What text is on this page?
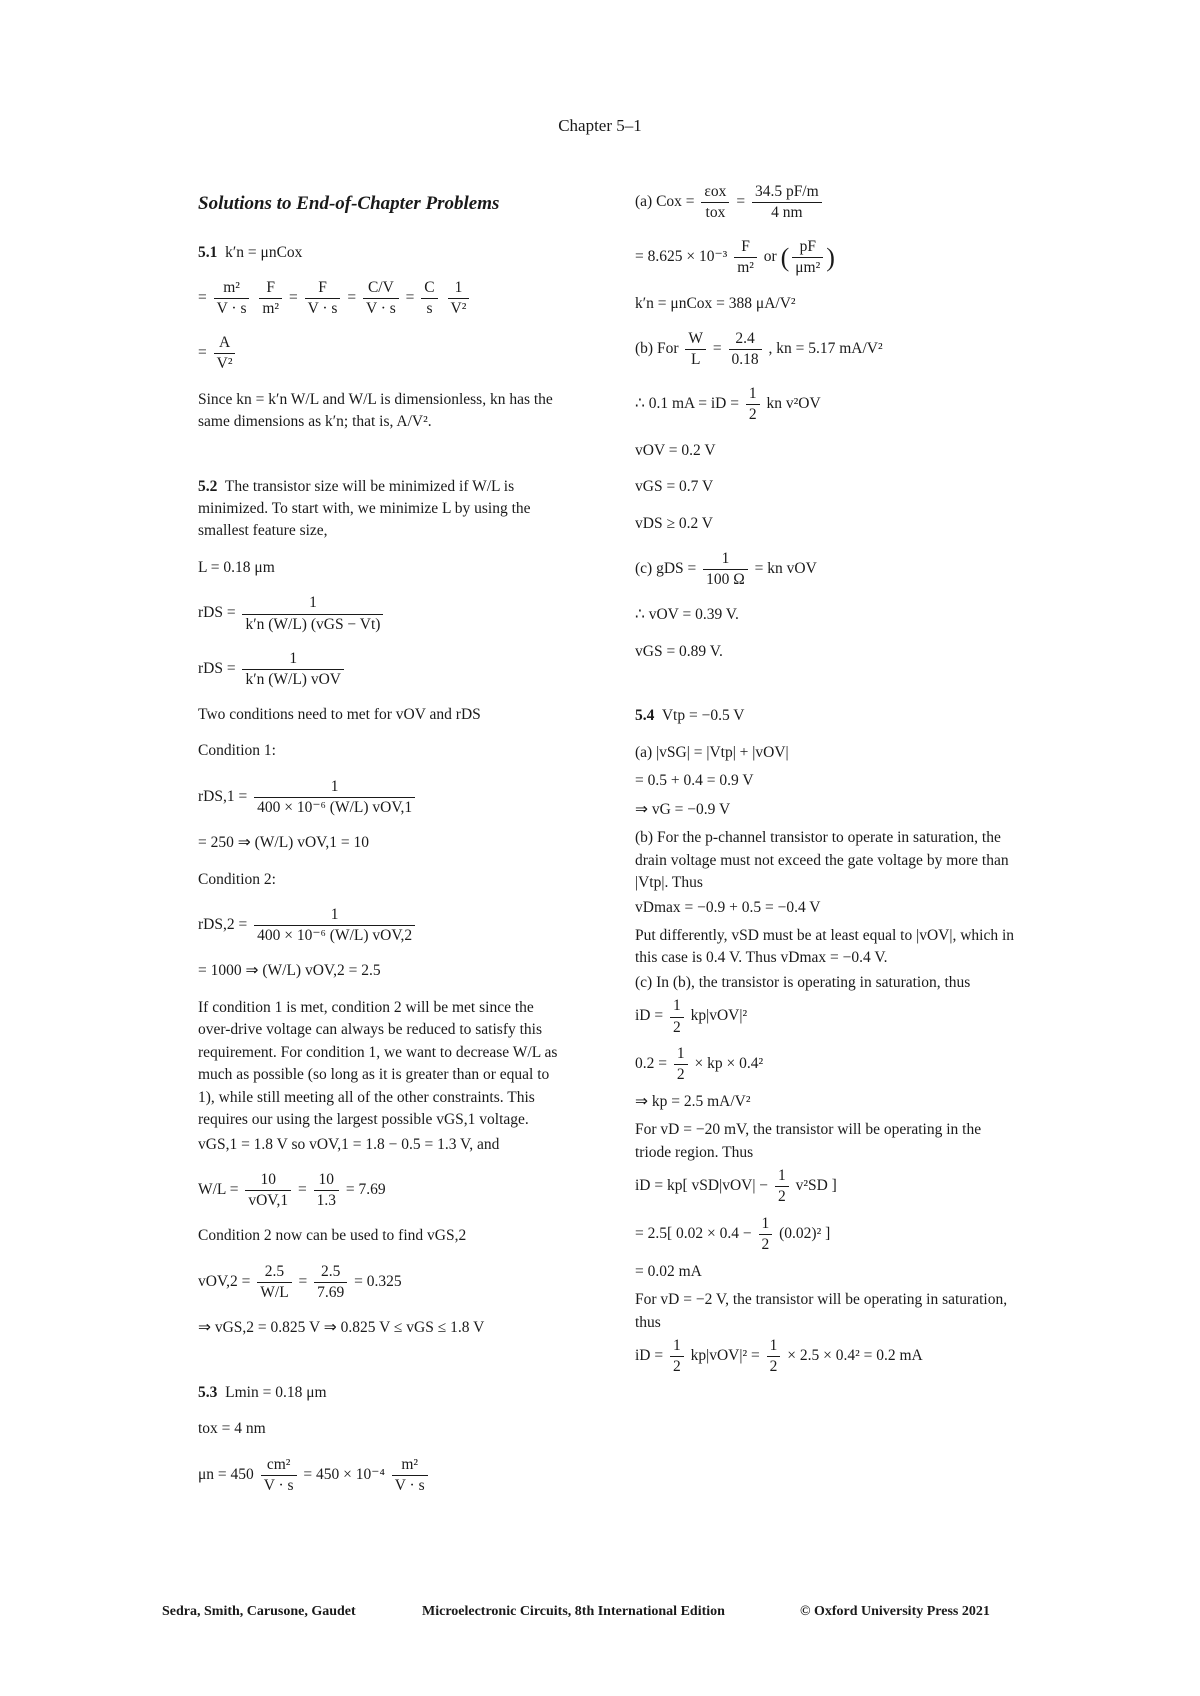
Chapter 5–1
Solutions to End-of-Chapter Problems
5.1 k′n = μnCox
= $\frac{\text{m²}}{V \cdot s}$
$\frac{F}{\text{m²}} = \frac{F}{V \cdot s} = \frac{C/V}{V \cdot s} = \frac{C}{s}$
$\frac{1}{\text{V²}}$
= $\frac{A}{\text{V²}}$
Since kn = k′n W/L and W/L is dimensionless, kn has the same dimensions as k′n; that is, A/V².
5.2 The transistor size will be minimized if W/L is minimized. To start with, we minimize L by using the smallest feature size,
L = 0.18 μm
rDS = $\frac{1}{\text{k′n (W/L) (vGS − Vt)}}$
rDS = $\frac{1}{\text{k′n (W/L) vOV}}$
Two conditions need to met for vOV and rDS
Condition 1:
$rDS,1 = \frac{1}{\text{400 × 10⁻⁶ (W/L) vOV,1}}$
= 250 ⇒ (W/L) vOV,1 = 10
Condition 2:
$rDS,2 = \frac{1}{\text{400 × 10⁻⁶ (W/L) vOV,2}}$
= 1000 ⇒ (W/L) vOV,2 = 2.5
If condition 1 is met, condition 2 will be met since the over-drive voltage can always be reduced to satisfy this requirement. For condition 1, we want to decrease W/L as much as possible (so long as it is greater than or equal to 1), while still meeting all of the other constraints. This requires our using the largest possible vGS,1 voltage.
vGS,1 = 1.8 V so vOV,1 = 1.8 − 0.5 = 1.3 V, and
$W/L = \frac{10}{\text{vOV,1}} = \frac{10}{1.3} = 7.69$
Condition 2 now can be used to find vGS,2
$vOV,2 = \frac{2.5}{W/L} = \frac{2.5}{7.69} = 0.325$
⇒ vGS,2 = 0.825 V ⇒ 0.825 V ≤ vGS ≤ 1.8 V
5.3 Lmin = 0.18 μm
tox = 4 nm
$\mu n = 450 \frac{\text{cm²}}{V \cdot s} = 450 \times 10^{-4} \frac{\text{m²}}{V \cdot s}$
(a) Cox = $\frac{\text{εox}}{\text{tox}} = \frac{34.5 pF/m}{4 nm}$
= $8.625 \times 10^{-3} \frac{F}{\text{m²}}$ or ( $\frac{pF}{\text{μm²}}$ )
k′n = μnCox = 388 μA/V²
(b) For $\frac{W}{L} = \frac{2.4}{0.18}$ , kn = 5.17 mA/V²
∴ 0.1 mA = iD = $\frac{1}{2}$ kn v²OV
vOV = 0.2 V
vGS = 0.7 V
vDS ≥ 0.2 V
(c) gDS = $\frac{1}{100 \Omega}$ = kn vOV
∴ vOV = 0.39 V.
vGS = 0.89 V.
5.4 Vtp = −0.5 V
(a) |vSG| = |Vtp| + |vOV|
= 0.5 + 0.4 = 0.9 V
⇒ vG = −0.9 V
(b) For the p-channel transistor to operate in saturation, the drain voltage must not exceed the gate voltage by more than |Vtp|. Thus
vDmax = −0.9 + 0.5 = −0.4 V
Put differently, vSD must be at least equal to |vOV|, which in this case is 0.4 V. Thus vDmax = −0.4 V.
(c) In (b), the transistor is operating in saturation, thus
iD = $\frac{1}{2} kp|vOV|^2$
$0.2 = \frac{1}{2}$ × kp × 0.4²
⇒ kp = 2.5 mA/V²
For vD = −20 mV, the transistor will be operating in the triode region. Thus
iD = kp[ $vSD|vOV| - \frac{1}{2} v^2SD$ ]
= 2.5[ $0.02 \times 0.4 - \frac{1}{2} (0.02)^2$ ]
= 0.02 mA
For vD = −2 V, the transistor will be operating in saturation, thus
iD = $\frac{1}{2} kp|vOV|^2 = \frac{1}{2} \times 2.5 \times 0.4^2 = 0.2$ mA
Sedra, Smith, Carusone, Gaudet	Microelectronic Circuits, 8th International Edition	© Oxford University Press 2021
